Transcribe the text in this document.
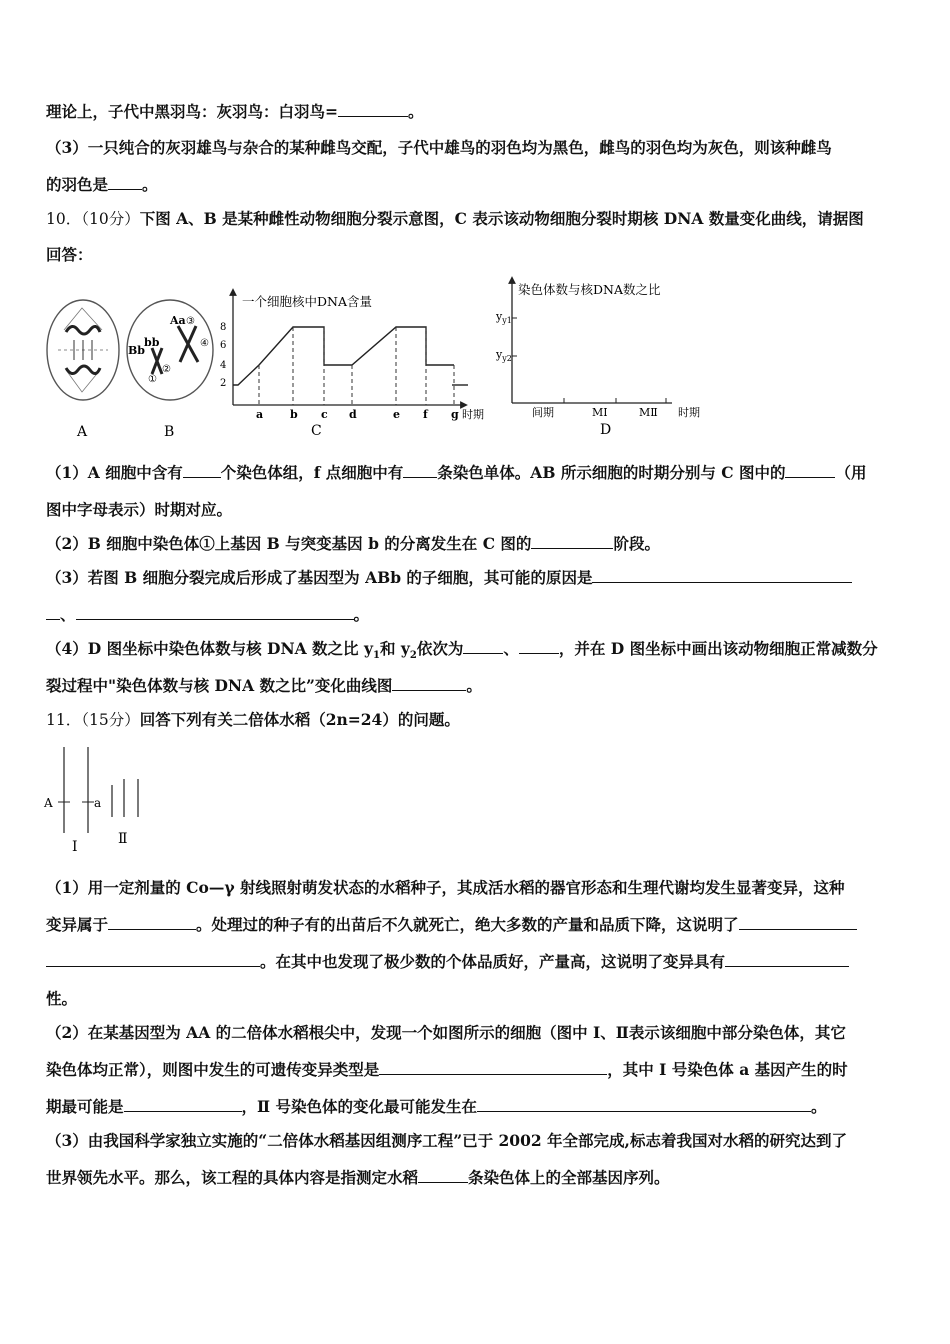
理论上，子代中黑羽鸟：灰羽鸟：白羽鸟=	。
（3）一只纯合的灰羽雄鸟与杂合的某种雌鸟交配，子代中雄鸟的羽色均为黑色，雌鸟的羽色均为灰色，则该种雌鸟
的羽色是 。
10．（10分）下图 A、B 是某种雌性动物细胞分裂示意图，C 表示该动物细胞分裂时期核 DNA 数量变化曲线，请据图
回答：
A
Bb
bb
Aa
①
②
③
④
B
一个细胞核中DNA含量
8
6
4
2
a b c d	e f g 时期
C
染色体数与核DNA数之比
$y_{y1}$
$y_{y2}$
间期	MⅠ	MⅡ 时期
D
（1）A 细胞中含有 个染色体组，f 点细胞中有 条染色单体。AB 所示细胞的时期分别与 C 图中的	（用
图中字母表示）时期对应。
（2）B 细胞中染色体①上基因 B 与突变基因 b 的分离发生在 C 图的	阶段。
（3）若图 B 细胞分裂完成后形成了基因型为 ABb 的子细胞，其可能的原因是
、	。
（4）D 图坐标中染色体数与核 DNA 数之比 $y_1$和 $y_2$依次为	、	，并在 D 图坐标中画出该动物细胞正常减数分
裂过程中"染色体数与核 DNA 数之比”变化曲线图	。
11．（15分）回答下列有关二倍体水稻（2n=24）的问题。
A	a
Ⅰ	Ⅱ
（1）用一定剂量的 Co—γ 射线照射萌发状态的水稻种子，其成活水稻的器官形态和生理代谢均发生显著变异，这种
变异属于	。处理过的种子有的出苗后不久就死亡，绝大多数的产量和品质下降，这说明了
。在其中也发现了极少数的个体品质好，产量高，这说明了变异具有
性。
（2）在某基因型为 AA 的二倍体水稻根尖中，发现一个如图所示的细胞（图中 Ⅰ、Ⅱ表示该细胞中部分染色体，其它
染色体均正常），则图中发生的可遗传变异类型是	，其中 Ⅰ 号染色体 a 基因产生的时
期最可能是	，Ⅱ 号染色体的变化最可能发生在	。
（3）由我国科学家独立实施的“二倍体水稻基因组测序工程”已于 2002 年全部完成,标志着我国对水稻的研究达到了
世界领先水平。那么，该工程的具体内容是指测定水稻	条染色体上的全部基因序列。
